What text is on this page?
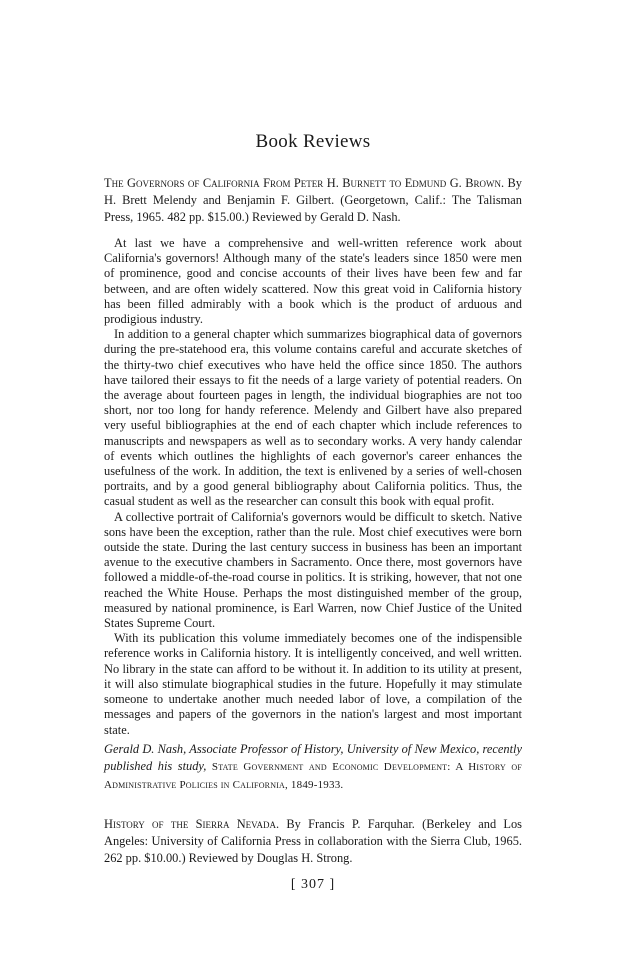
Book Reviews

The Governors of California From Peter H. Burnett to Edmund G. Brown. By H. Brett Melendy and Benjamin F. Gilbert. (Georgetown, Calif.: The Talisman Press, 1965. 482 pp. $15.00.) Reviewed by Gerald D. Nash.

At last we have a comprehensive and well-written reference work about California's governors! Although many of the state's leaders since 1850 were men of prominence, good and concise accounts of their lives have been few and far between, and are often widely scattered. Now this great void in California history has been filled admirably with a book which is the product of arduous and prodigious industry.

In addition to a general chapter which summarizes biographical data of governors during the pre-statehood era, this volume contains careful and accurate sketches of the thirty-two chief executives who have held the office since 1850. The authors have tailored their essays to fit the needs of a large variety of potential readers. On the average about fourteen pages in length, the individual biographies are not too short, nor too long for handy reference. Melendy and Gilbert have also prepared very useful bibliographies at the end of each chapter which include references to manuscripts and newspapers as well as to secondary works. A very handy calendar of events which outlines the highlights of each governor's career enhances the usefulness of the work. In addition, the text is enlivened by a series of well-chosen portraits, and by a good general bibliography about California politics. Thus, the casual student as well as the researcher can consult this book with equal profit.

A collective portrait of California's governors would be difficult to sketch. Native sons have been the exception, rather than the rule. Most chief executives were born outside the state. During the last century success in business has been an important avenue to the executive chambers in Sacramento. Once there, most governors have followed a middle-of-the-road course in politics. It is striking, however, that not one reached the White House. Perhaps the most distinguished member of the group, measured by national prominence, is Earl Warren, now Chief Justice of the United States Supreme Court.

With its publication this volume immediately becomes one of the indispensible reference works in California history. It is intelligently conceived, and well written. No library in the state can afford to be without it. In addition to its utility at present, it will also stimulate biographical studies in the future. Hopefully it may stimulate someone to undertake another much needed labor of love, a compilation of the messages and papers of the governors in the nation's largest and most important state.

Gerald D. Nash, Associate Professor of History, University of New Mexico, recently published his study, State Government and Economic Development: A History of Administrative Policies in California, 1849-1933.

History of the Sierra Nevada. By Francis P. Farquhar. (Berkeley and Los Angeles: University of California Press in collaboration with the Sierra Club, 1965. 262 pp. $10.00.) Reviewed by Douglas H. Strong.

[ 307 ]
